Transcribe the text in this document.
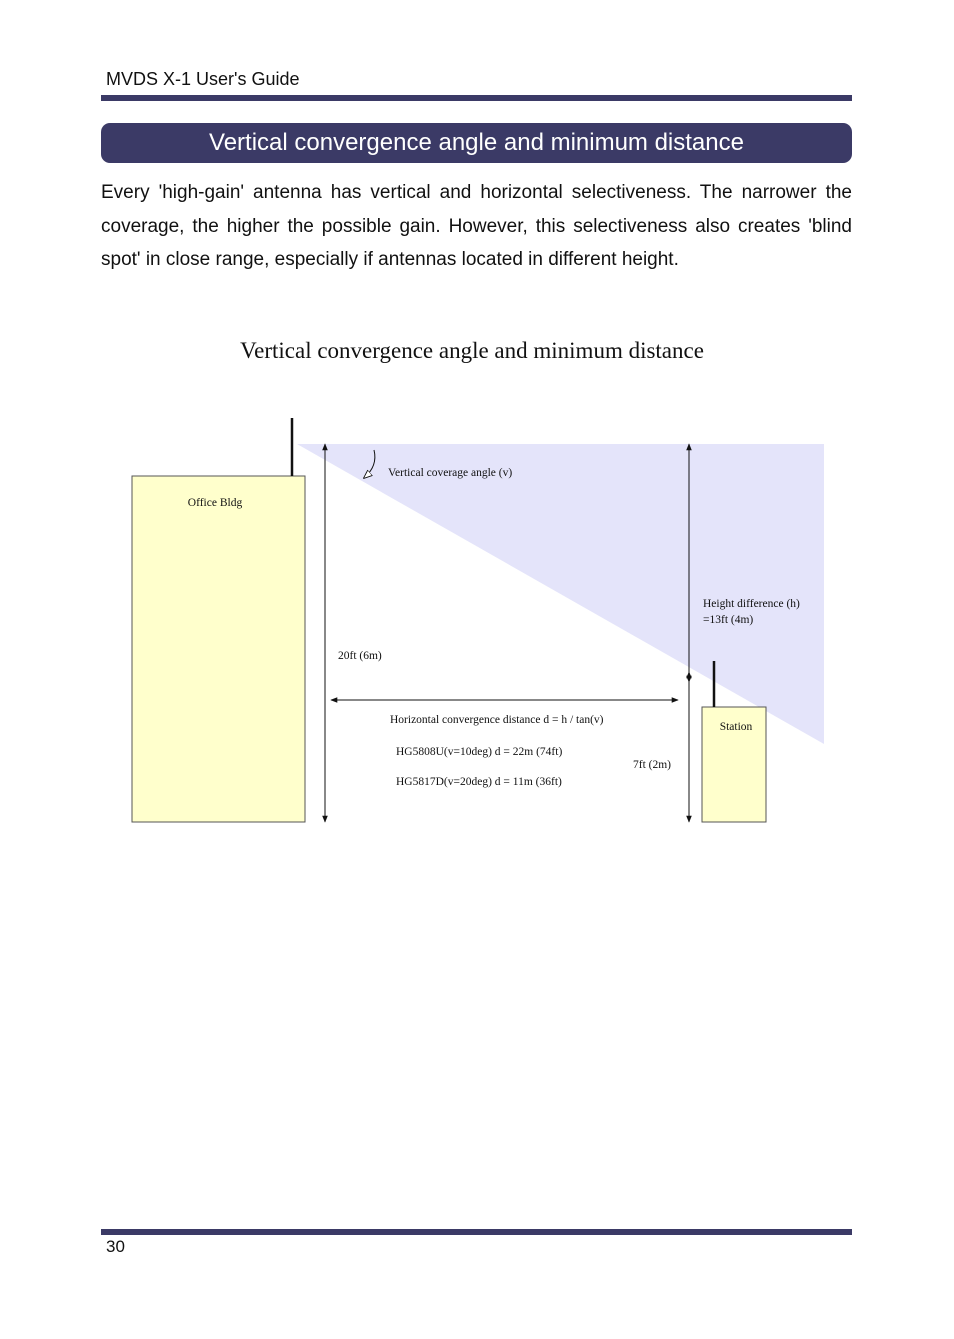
MVDS X-1 User's Guide
Vertical convergence angle and minimum distance

Every 'high-gain' antenna has vertical and horizontal selectiveness. The narrower the coverage, the higher the possible gain. However, this selectiveness also creates 'blind spot' in close range, especially if antennas located in different height.

Vertical convergence angle and minimum distance
Office Bldg
Station
Vertical coverage angle (v)
20ft (6m)
Height difference (h)
=13ft (4m)
7ft (2m)
Horizontal convergence distance d = h / tan(v)
HG5808U(v=10deg) d = 22m (74ft)
HG5817D(v=20deg) d = 11m (36ft)
30
